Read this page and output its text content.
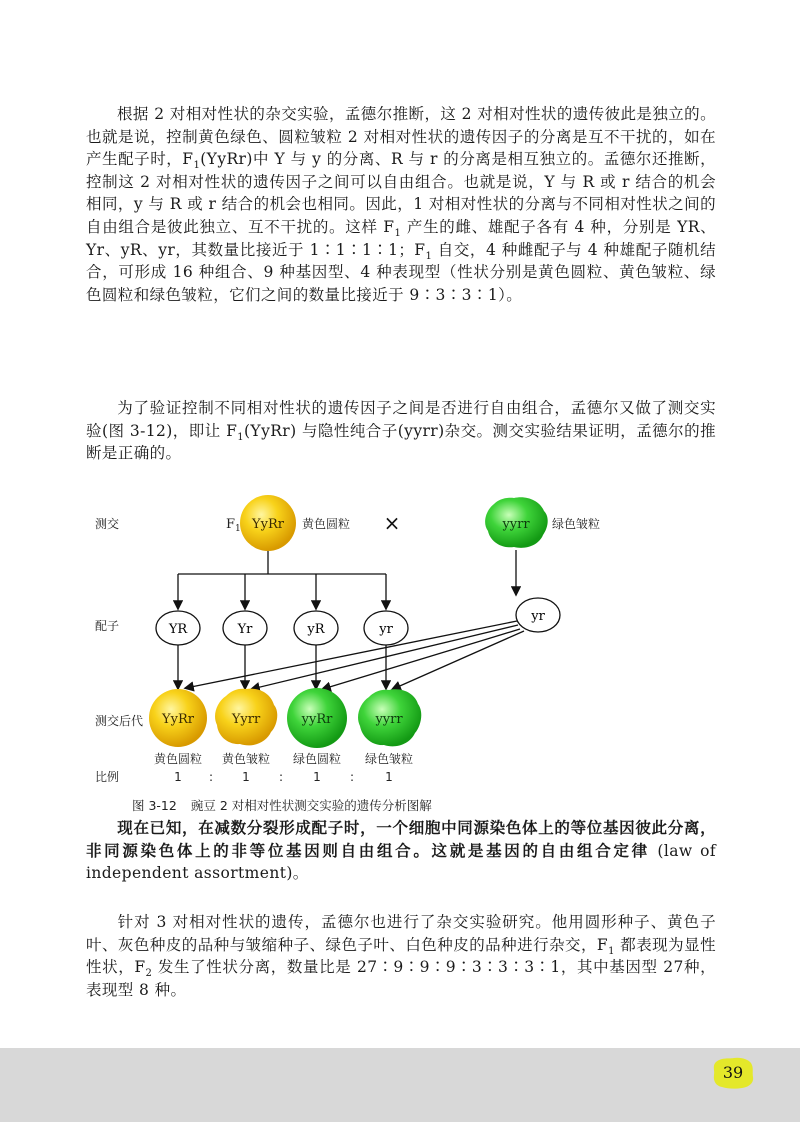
根据 2 对相对性状的杂交实验，孟德尔推断，这 2 对相对性状的遗传彼此是独立的。也就是说，控制黄色绿色、圆粒皱粒 2 对相对性状的遗传因子的分离是互不干扰的，如在产生配子时，$F_1(YyRr)$中 Y 与 y 的分离、R 与 r 的分离是相互独立的。孟德尔还推断，控制这 2 对相对性状的遗传因子之间可以自由组合。也就是说，Y 与 R 或 r 结合的机会相同，y 与 R 或 r 结合的机会也相同。因此，1 对相对性状的分离与不同相对性状之间的自由组合是彼此独立、互不干扰的。这样 $F_1$ 产生的雌、雄配子各有 4 种，分别是 YR、Yr、yR、yr，其数量比接近于 1∶1∶1∶1；$F_1$ 自交，4 种雌配子与 4 种雄配子随机结合，可形成 16 种组合、9 种基因型、4 种表现型（性状分别是黄色圆粒、黄色皱粒、绿色圆粒和绿色皱粒，它们之间的数量比接近于 9∶3∶3∶1）。

为了验证控制不同相对性状的遗传因子之间是否进行自由组合，孟德尔又做了测交实验(图 3-12)，即让 $F_1(YyRr)$ 与隐性纯合子(yyrr)杂交。测交实验结果证明，孟德尔的推断是正确的。

测交
配子
测交后代
比例
$F_1$ YyRr 黄色圆粒 ×	yyrr 绿色皱粒
YR	Yr	yR	yr
yr
YyRr	Yyrr	yyRr	yyrr
黄色圆粒 黄色皱粒 绿色圆粒 绿色皱粒
1 : 1 :	1 :	1
图 3-12 豌豆 2 对相对性状测交实验的遗传分析图解

现在已知，在减数分裂形成配子时，一个细胞中同源染色体上的等位基因彼此分离，非同源染色体上的非等位基因则自由组合。这就是基因的自由组合定律 (law of independent assortment)。

针对 3 对相对性状的遗传，孟德尔也进行了杂交实验研究。他用圆形种子、黄色子叶、灰色种皮的品种与皱缩种子、绿色子叶、白色种皮的品种进行杂交，$F_1$ 都表现为显性性状，$F_2$ 发生了性状分离，数量比是 27∶9∶9∶9∶3∶3∶3∶1，其中基因型 27种，表现型 8 种。

39
